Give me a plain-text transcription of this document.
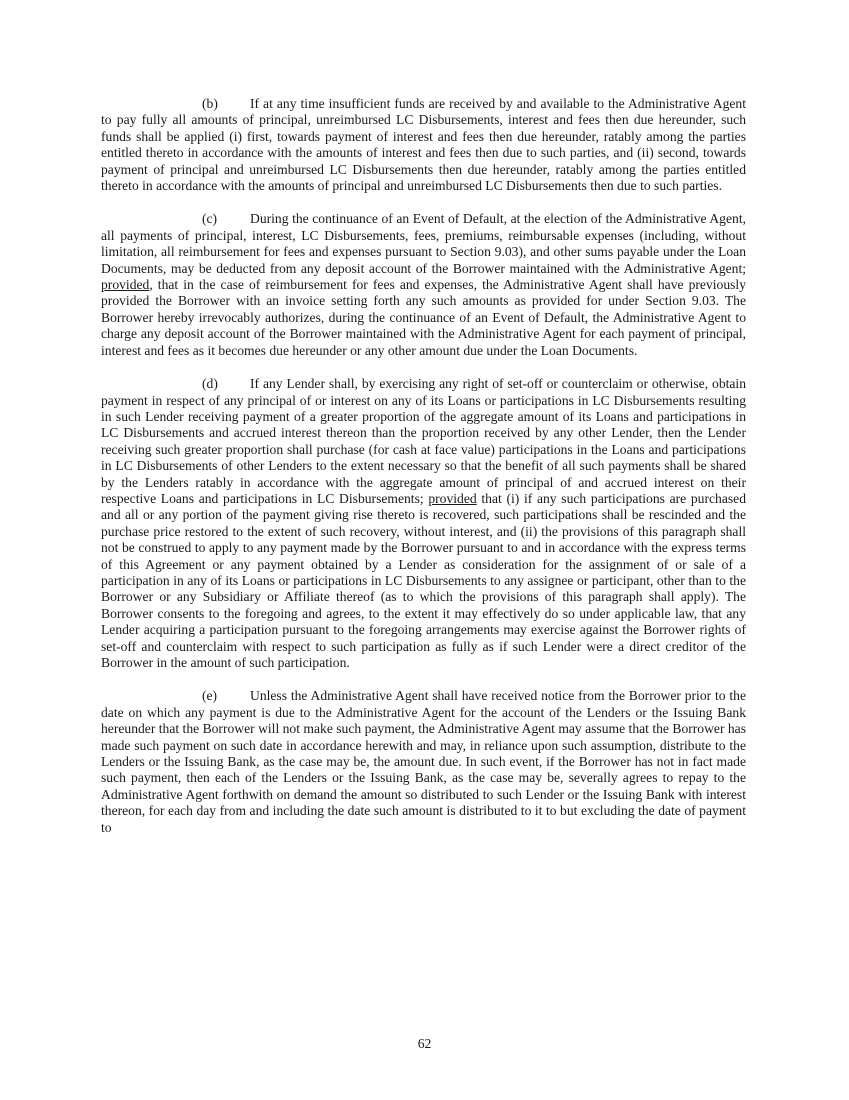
(b) If at any time insufficient funds are received by and available to the Administrative Agent to pay fully all amounts of principal, unreimbursed LC Disbursements, interest and fees then due hereunder, such funds shall be applied (i) first, towards payment of interest and fees then due hereunder, ratably among the parties entitled thereto in accordance with the amounts of interest and fees then due to such parties, and (ii) second, towards payment of principal and unreimbursed LC Disbursements then due hereunder, ratably among the parties entitled thereto in accordance with the amounts of principal and unreimbursed LC Disbursements then due to such parties.

(c) During the continuance of an Event of Default, at the election of the Administrative Agent, all payments of principal, interest, LC Disbursements, fees, premiums, reimbursable expenses (including, without limitation, all reimbursement for fees and expenses pursuant to Section 9.03), and other sums payable under the Loan Documents, may be deducted from any deposit account of the Borrower maintained with the Administrative Agent; provided, that in the case of reimbursement for fees and expenses, the Administrative Agent shall have previously provided the Borrower with an invoice setting forth any such amounts as provided for under Section 9.03. The Borrower hereby irrevocably authorizes, during the continuance of an Event of Default, the Administrative Agent to charge any deposit account of the Borrower maintained with the Administrative Agent for each payment of principal, interest and fees as it becomes due hereunder or any other amount due under the Loan Documents.

(d) If any Lender shall, by exercising any right of set-off or counterclaim or otherwise, obtain payment in respect of any principal of or interest on any of its Loans or participations in LC Disbursements resulting in such Lender receiving payment of a greater proportion of the aggregate amount of its Loans and participations in LC Disbursements and accrued interest thereon than the proportion received by any other Lender, then the Lender receiving such greater proportion shall purchase (for cash at face value) participations in the Loans and participations in LC Disbursements of other Lenders to the extent necessary so that the benefit of all such payments shall be shared by the Lenders ratably in accordance with the aggregate amount of principal of and accrued interest on their respective Loans and participations in LC Disbursements; provided that (i) if any such participations are purchased and all or any portion of the payment giving rise thereto is recovered, such participations shall be rescinded and the purchase price restored to the extent of such recovery, without interest, and (ii) the provisions of this paragraph shall not be construed to apply to any payment made by the Borrower pursuant to and in accordance with the express terms of this Agreement or any payment obtained by a Lender as consideration for the assignment of or sale of a participation in any of its Loans or participations in LC Disbursements to any assignee or participant, other than to the Borrower or any Subsidiary or Affiliate thereof (as to which the provisions of this paragraph shall apply). The Borrower consents to the foregoing and agrees, to the extent it may effectively do so under applicable law, that any Lender acquiring a participation pursuant to the foregoing arrangements may exercise against the Borrower rights of set-off and counterclaim with respect to such participation as fully as if such Lender were a direct creditor of the Borrower in the amount of such participation.

(e) Unless the Administrative Agent shall have received notice from the Borrower prior to the date on which any payment is due to the Administrative Agent for the account of the Lenders or the Issuing Bank hereunder that the Borrower will not make such payment, the Administrative Agent may assume that the Borrower has made such payment on such date in accordance herewith and may, in reliance upon such assumption, distribute to the Lenders or the Issuing Bank, as the case may be, the amount due. In such event, if the Borrower has not in fact made such payment, then each of the Lenders or the Issuing Bank, as the case may be, severally agrees to repay to the Administrative Agent forthwith on demand the amount so distributed to such Lender or the Issuing Bank with interest thereon, for each day from and including the date such amount is distributed to it to but excluding the date of payment to

62
